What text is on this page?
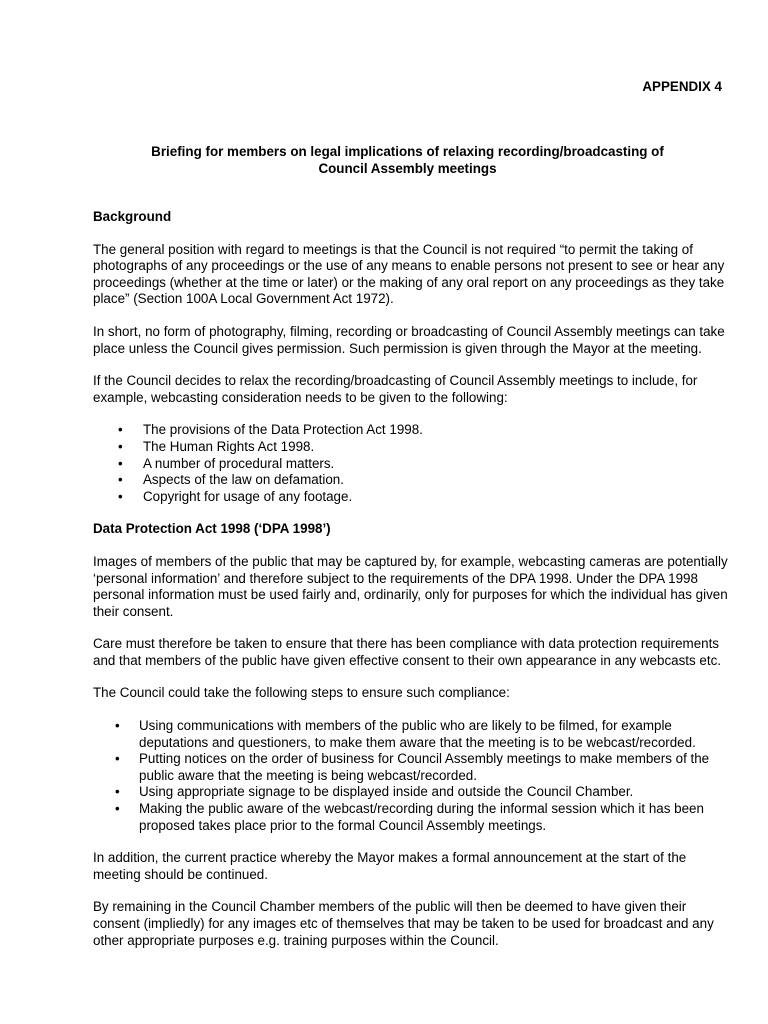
APPENDIX 4

Briefing for members on legal implications of relaxing recording/broadcasting of
Council Assembly meetings

Background

The general position with regard to meetings is that the Council is not required “to permit the taking of photographs of any proceedings or the use of any means to enable persons not present to see or hear any proceedings (whether at the time or later) or the making of any oral report on any proceedings as they take place” (Section 100A Local Government Act 1972).

In short, no form of photography, filming, recording or broadcasting of Council Assembly meetings can take place unless the Council gives permission. Such permission is given through the Mayor at the meeting.

If the Council decides to relax the recording/broadcasting of Council Assembly meetings to include, for example, webcasting consideration needs to be given to the following:

• The provisions of the Data Protection Act 1998.
• The Human Rights Act 1998.
• A number of procedural matters.
• Aspects of the law on defamation.
• Copyright for usage of any footage.

Data Protection Act 1998 (‘DPA 1998’)

Images of members of the public that may be captured by, for example, webcasting cameras are potentially ‘personal information’ and therefore subject to the requirements of the DPA 1998. Under the DPA 1998 personal information must be used fairly and, ordinarily, only for purposes for which the individual has given their consent.

Care must therefore be taken to ensure that there has been compliance with data protection requirements and that members of the public have given effective consent to their own appearance in any webcasts etc.

The Council could take the following steps to ensure such compliance:

• Using communications with members of the public who are likely to be filmed, for example deputations and questioners, to make them aware that the meeting is to be webcast/recorded.
• Putting notices on the order of business for Council Assembly meetings to make members of the public aware that the meeting is being webcast/recorded.
• Using appropriate signage to be displayed inside and outside the Council Chamber.
• Making the public aware of the webcast/recording during the informal session which it has been proposed takes place prior to the formal Council Assembly meetings.

In addition, the current practice whereby the Mayor makes a formal announcement at the start of the meeting should be continued.

By remaining in the Council Chamber members of the public will then be deemed to have given their consent (impliedly) for any images etc of themselves that may be taken to be used for broadcast and any other appropriate purposes e.g. training purposes within the Council.
